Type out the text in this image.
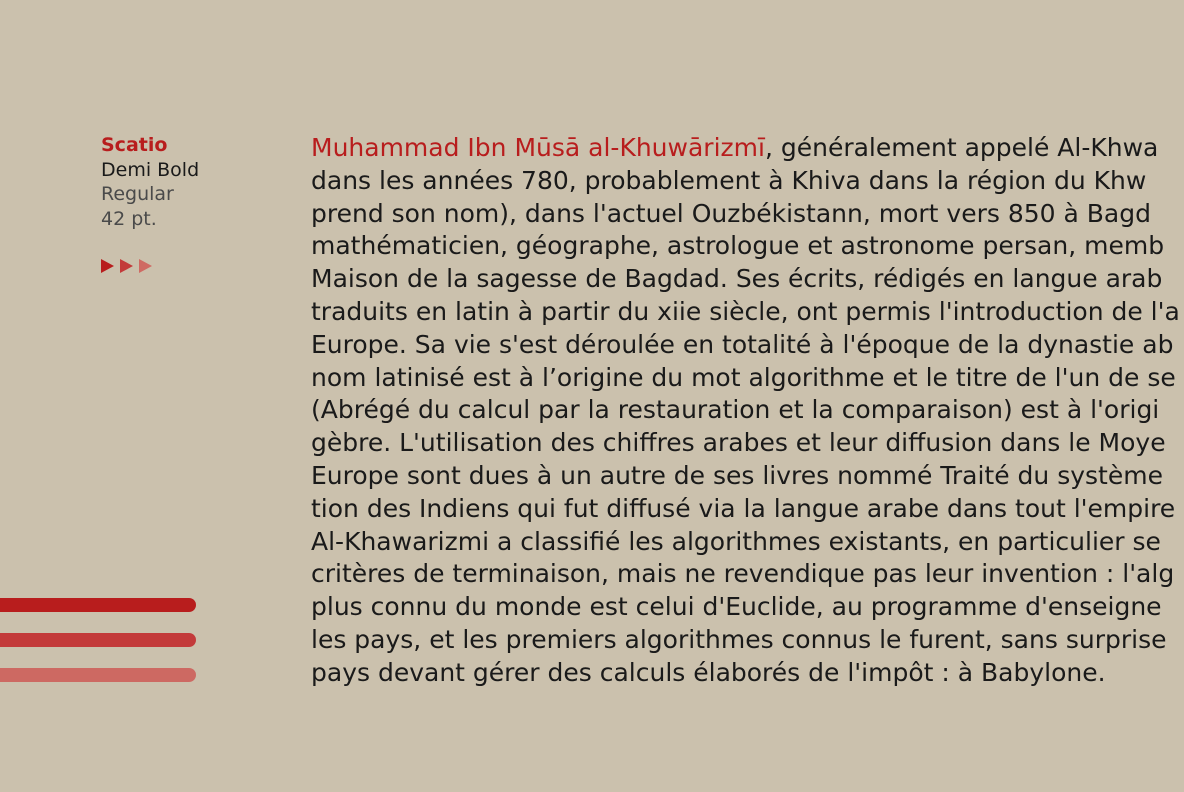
Scatio
Demi Bold
Regular
42 pt.
Muhammad Ibn Mūsā al-Khuwārizmī, généralement appelé Al-Khwa
dans les années 780, probablement à Khiva dans la région du Khw
prend son nom), dans l'actuel Ouzbékistann, mort vers 850 à Bagd
mathématicien, géographe, astrologue et astronome persan, memb
Maison de la sagesse de Bagdad. Ses écrits, rédigés en langue arab
traduits en latin à partir du xiie siècle, ont permis l'introduction de l'a
Europe. Sa vie s'est déroulée en totalité à l'époque de la dynastie ab
nom latinisé est à l’origine du mot algorithme et le titre de l'un de se
(Abrégé du calcul par la restauration et la comparaison) est à l'origi
gèbre. L'utilisation des chiffres arabes et leur diffusion dans le Moye
Europe sont dues à un autre de ses livres nommé Traité du système
tion des Indiens qui fut diffusé via la langue arabe dans tout l'empire
Al-Khawarizmi a classifié les algorithmes existants, en particulier se
critères de terminaison, mais ne revendique pas leur invention : l'alg
plus connu du monde est celui d'Euclide, au programme d'enseigne
les pays, et les premiers algorithmes connus le furent, sans surprise
pays devant gérer des calculs élaborés de l'impôt : à Babylone.
